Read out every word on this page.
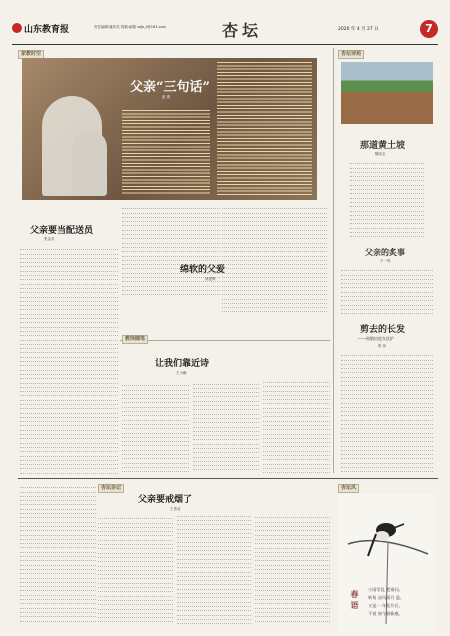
山东教育报	责任编辑:潘庆英 投稿:邮箱 sdjb_f@163.com	杏坛	2020 年 4 月 27 日	7
家教时空
父亲“三句话”
赵 康
杏坛诗苑
那道黄土坡
魏凤宝
父亲的炙事
于一鸣
剪去的长发
——致敬抗疫女医护
张 伟
父亲要当配送员
张金芳
绵软的父爱
徐建辉
教师随笔
让我们靠近诗
王小鹏
杏坛杂记
父亲要戒烟了
王善成
杏坛风
春 语
小雨零乱 把谁问,
转角 凉风清月 盈。
又是一 年花开后,
不说 如今着新痕。
